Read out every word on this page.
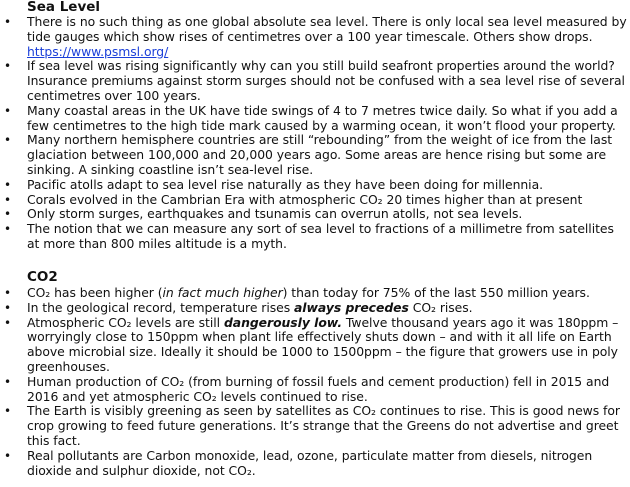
Sea Level
• There is no such thing as one global absolute sea level. There is only local sea level measured by tide gauges which show rises of centimetres over a 100 year timescale. Others show drops.
https://www.psmsl.org/
• If sea level was rising significantly why can you still build seafront properties around the world? Insurance premiums against storm surges should not be confused with a sea level rise of several centimetres over 100 years.
• Many coastal areas in the UK have tide swings of 4 to 7 metres twice daily. So what if you add a few centimetres to the high tide mark caused by a warming ocean, it won’t flood your property.
• Many northern hemisphere countries are still “rebounding” from the weight of ice from the last glaciation between 100,000 and 20,000 years ago. Some areas are hence rising but some are sinking. A sinking coastline isn’t sea-level rise.
• Pacific atolls adapt to sea level rise naturally as they have been doing for millennia.
• Corals evolved in the Cambrian Era with atmospheric CO₂ 20 times higher than at present
• Only storm surges, earthquakes and tsunamis can overrun atolls, not sea levels.
• The notion that we can measure any sort of sea level to fractions of a millimetre from satellites at more than 800 miles altitude is a myth.
CO2
• CO₂ has been higher (in fact much higher) than today for 75% of the last 550 million years.
• In the geological record, temperature rises always precedes CO₂ rises.
• Atmospheric CO₂ levels are still dangerously low. Twelve thousand years ago it was 180ppm – worryingly close to 150ppm when plant life effectively shuts down – and with it all life on Earth above microbial size. Ideally it should be 1000 to 1500ppm – the figure that growers use in poly greenhouses.
• Human production of CO₂ (from burning of fossil fuels and cement production) fell in 2015 and 2016 and yet atmospheric CO₂ levels continued to rise.
• The Earth is visibly greening as seen by satellites as CO₂ continues to rise. This is good news for crop growing to feed future generations. It’s strange that the Greens do not advertise and greet this fact.
• Real pollutants are Carbon monoxide, lead, ozone, particulate matter from diesels, nitrogen dioxide and sulphur dioxide, not CO₂.
